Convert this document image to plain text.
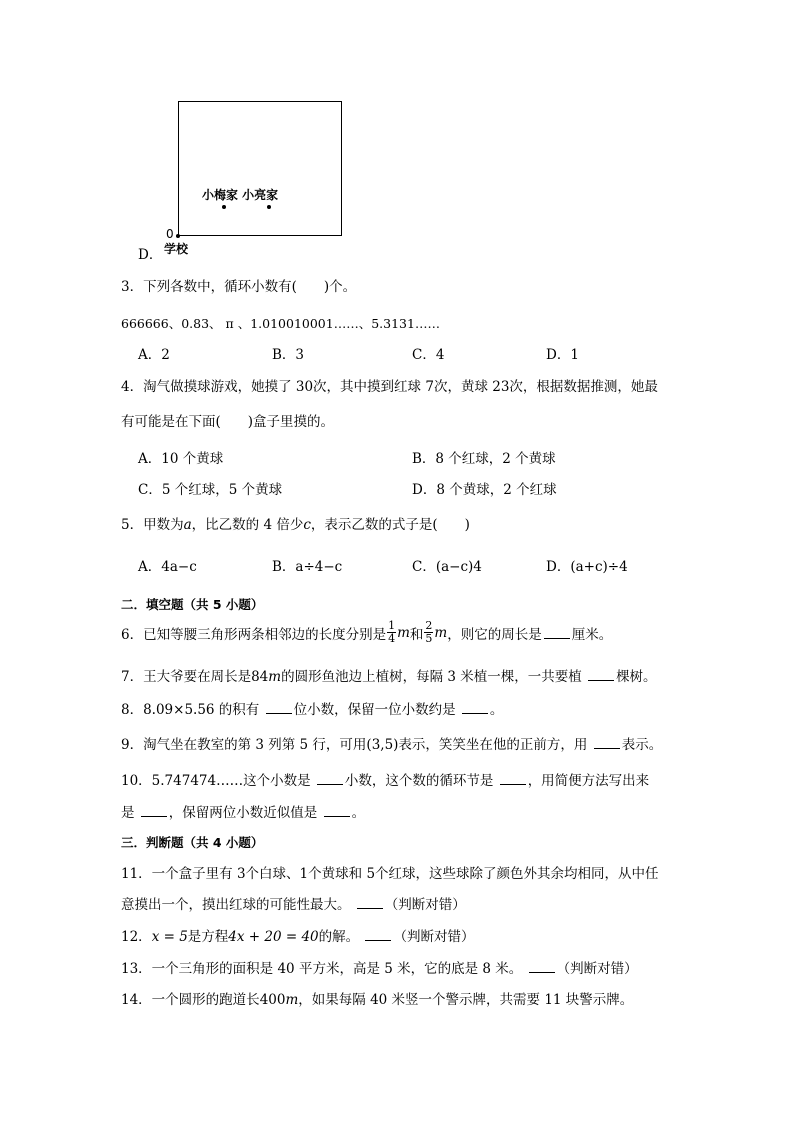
小梅家 小亮家
0
D． 学校
3．下列各数中，循环小数有(　　)个。
666666、0.83、 π 、1.010010001……、5.3131……
A．2	B．3	C．4	D．1
4．淘气做摸球游戏，她摸了 30次，其中摸到红球 7次，黄球 23次，根据数据推测，她最
有可能是在下面(　　)盒子里摸的。
A．10 个黄球	B．8 个红球，2 个黄球
C．5 个红球，5 个黄球	D．8 个黄球，2 个红球
5．甲数为a，比乙数的 4 倍少c，表示乙数的式子是(　　)
A．4a−c	B．a÷4−c	C．(a−c)4	D．(a+c)÷4
二．填空题（共 5 小题）
6．已知等腰三角形两条相邻边的长度分别是 $\frac{1}{4}$ m 和 $\frac{2}{5}$ m ，则它的周长是 厘米。
7．王大爷要在周长是84m的圆形鱼池边上植树，每隔 3 米植一棵，一共要植	棵树。
8．8.09×5.56 的积有	位小数，保留一位小数约是	。
9．淘气坐在教室的第 3 列第 5 行，可用(3,5)表示，笑笑坐在他的正前方，用	表示。
10．5.747474……这个小数是	小数，这个数的循环节是	，用简便方法写出来
是	，保留两位小数近似值是	。
三．判断题（共 4 小题）
11．一个盒子里有 3个白球、1个黄球和 5个红球，这些球除了颜色外其余均相同，从中任
意摸出一个，摸出红球的可能性最大。	（判断对错）
12．x = 5是方程4x + 20 = 40的解。	（判断对错）
13．一个三角形的面积是 40 平方米，高是 5 米，它的底是 8 米。	（判断对错）
14．一个圆形的跑道长400m，如果每隔 40 米竖一个警示牌，共需要 11 块警示牌。
